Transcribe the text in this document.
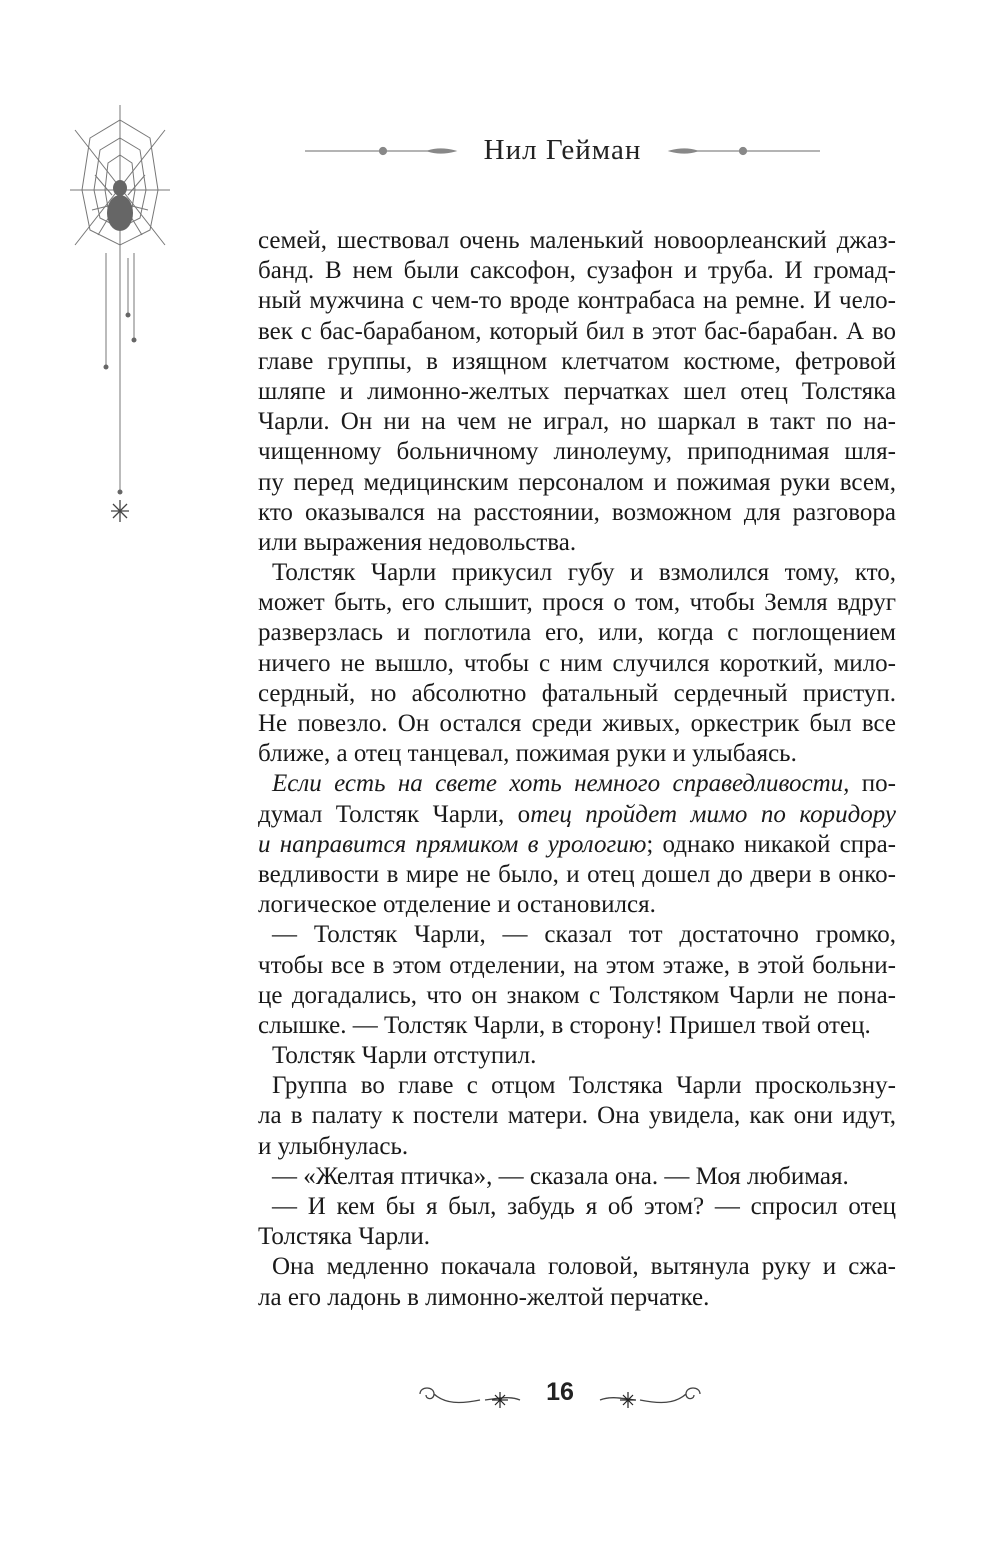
Нил Гейман
семей, шествовал очень маленький новоорлеанский джаз-
банд. В нем были саксофон, сузафон и труба. И громад-
ный мужчина с чем-то вроде контрабаса на ремне. И чело-
век с бас-барабаном, который бил в этот бас-барабан. А во
главе группы, в изящном клетчатом костюме, фетровой
шляпе и лимонно-желтых перчатках шел отец Толстяка
Чарли. Он ни на чем не играл, но шаркал в такт по на-
чищенному больничному линолеуму, приподнимая шля-
пу перед медицинским персоналом и пожимая руки всем,
кто оказывался на расстоянии, возможном для разговора
или выражения недовольства.
Толстяк Чарли прикусил губу и взмолился тому, кто,
может быть, его слышит, прося о том, чтобы Земля вдруг
разверзлась и поглотила его, или, когда с поглощением
ничего не вышло, чтобы с ним случился короткий, мило-
сердный, но абсолютно фатальный сердечный приступ.
Не повезло. Он остался среди живых, оркестрик был все
ближе, а отец танцевал, пожимая руки и улыбаясь.
Если есть на свете хоть немного справедливости, по-
думал Толстяк Чарли, отец пройдет мимо по коридору
и направится прямиком в урологию; однако никакой спра-
ведливости в мире не было, и отец дошел до двери в онко-
логическое отделение и остановился.
— Толстяк Чарли, — сказал тот достаточно громко,
чтобы все в этом отделении, на этом этаже, в этой больни-
це догадались, что он знаком с Толстяком Чарли не пона-
слышке. — Толстяк Чарли, в сторону! Пришел твой отец.
Толстяк Чарли отступил.
Группа во главе с отцом Толстяка Чарли проскользну-
ла в палату к постели матери. Она увидела, как они идут,
и улыбнулась.
— «Желтая птичка», — сказала она. — Моя любимая.
— И кем бы я был, забудь я об этом? — спросил отец
Толстяка Чарли.
Она медленно покачала головой, вытянула руку и сжа-
ла его ладонь в лимонно-желтой перчатке.
16
